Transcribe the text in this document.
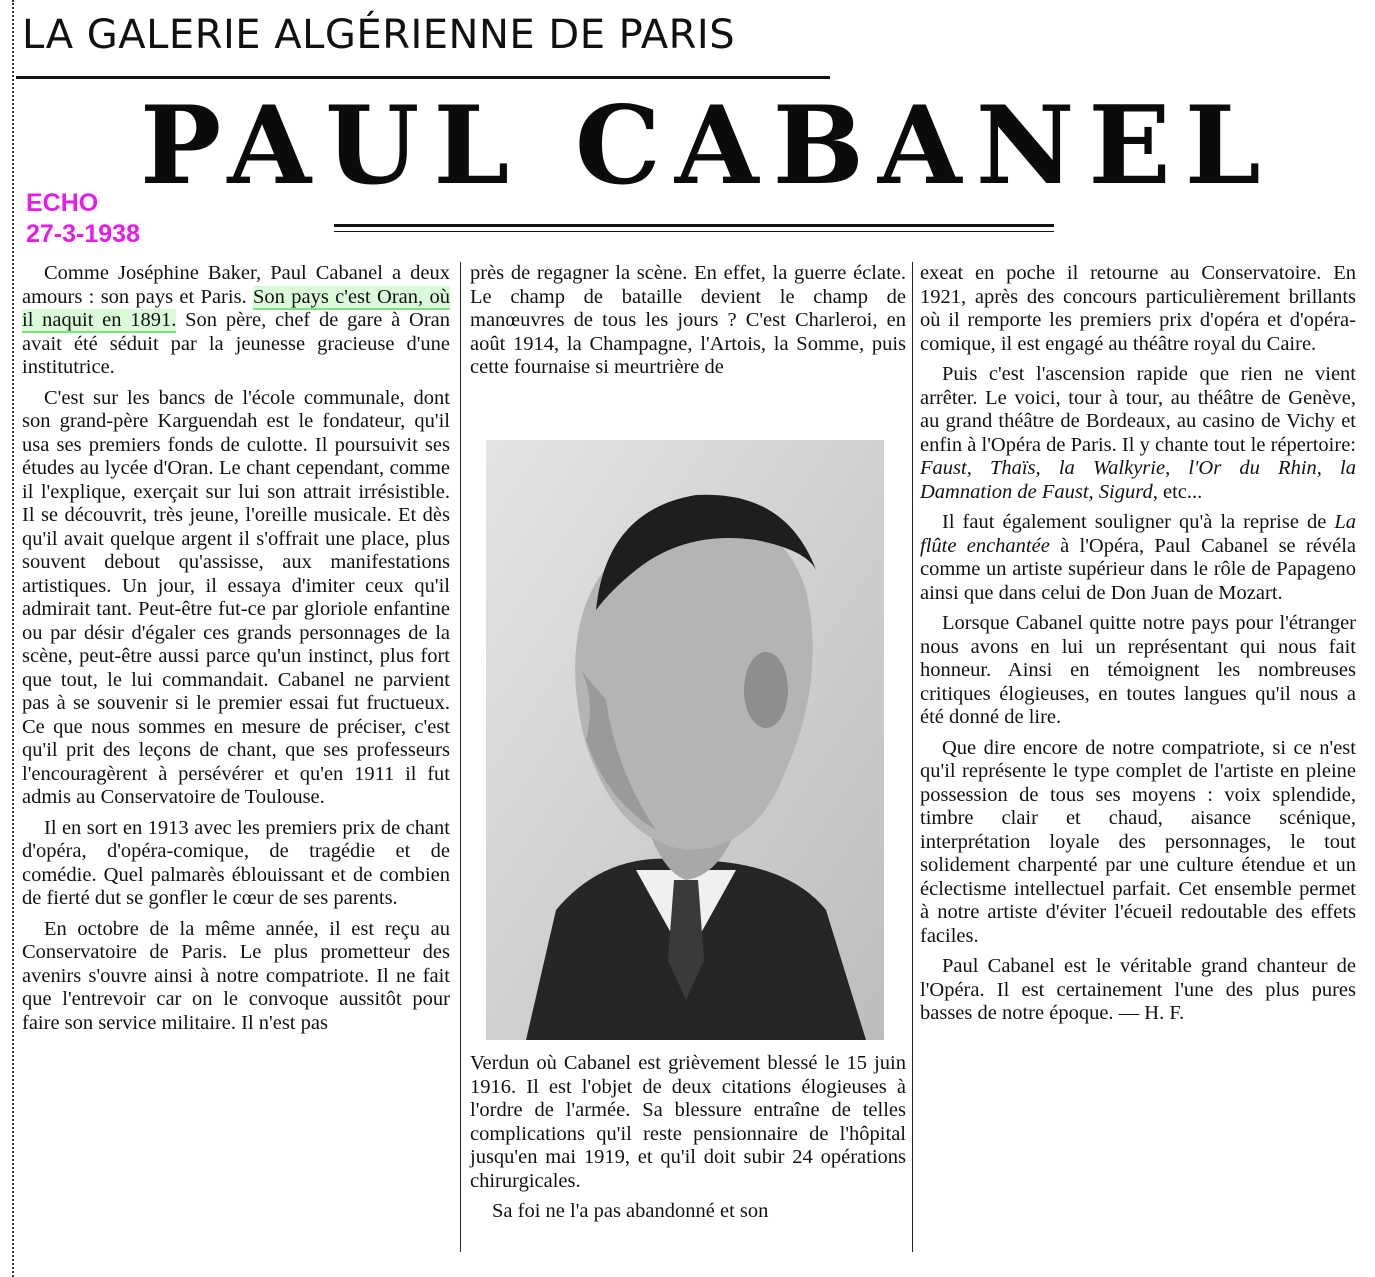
LA GALERIE ALGÉRIENNE DE PARIS
PAUL CABANEL
ECHO
27-3-1938

Comme Joséphine Baker, Paul Cabanel a deux amours : son pays et Paris. Son pays c'est Oran, où il naquit en 1891. Son père, chef de gare à Oran avait été séduit par la jeunesse gracieuse d'une institutrice.

C'est sur les bancs de l'école communale, dont son grand-père Karguendah est le fondateur, qu'il usa ses premiers fonds de culotte. Il poursuivit ses études au lycée d'Oran. Le chant cependant, comme il l'explique, exerçait sur lui son attrait irrésistible. Il se découvrit, très jeune, l'oreille musicale. Et dès qu'il avait quelque argent il s'offrait une place, plus souvent debout qu'assisse, aux manifestations artistiques. Un jour, il essaya d'imiter ceux qu'il admirait tant. Peut-être fut-ce par gloriole enfantine ou par désir d'égaler ces grands personnages de la scène, peut-être aussi parce qu'un instinct, plus fort que tout, le lui commandait. Cabanel ne parvient pas à se souvenir si le premier essai fut fructueux. Ce que nous sommes en mesure de préciser, c'est qu'il prit des leçons de chant, que ses professeurs l'encouragèrent à persévérer et qu'en 1911 il fut admis au Conservatoire de Toulouse.

Il en sort en 1913 avec les premiers prix de chant d'opéra, d'opéra-comique, de tragédie et de comédie. Quel palmarès éblouissant et de combien de fierté dut se gonfler le cœur de ses parents.

En octobre de la même année, il est reçu au Conservatoire de Paris. Le plus prometteur des avenirs s'ouvre ainsi à notre compatriote. Il ne fait que l'entrevoir car on le convoque aussitôt pour faire son service militaire. Il n'est pas

près de regagner la scène. En effet, la guerre éclate. Le champ de bataille devient le champ de manœuvres de tous les jours ? C'est Charleroi, en août 1914, la Champagne, l'Artois, la Somme, puis cette fournaise si meurtrière de

Verdun où Cabanel est grièvement blessé le 15 juin 1916. Il est l'objet de deux citations élogieuses à l'ordre de l'armée. Sa blessure entraîne de telles complications qu'il reste pensionnaire de l'hôpital jusqu'en mai 1919, et qu'il doit subir 24 opérations chirurgicales.

Sa foi ne l'a pas abandonné et son

exeat en poche il retourne au Conservatoire. En 1921, après des concours particulièrement brillants où il remporte les premiers prix d'opéra et d'opéra-comique, il est engagé au théâtre royal du Caire.

Puis c'est l'ascension rapide que rien ne vient arrêter. Le voici, tour à tour, au théâtre de Genève, au grand théâtre de Bordeaux, au casino de Vichy et enfin à l'Opéra de Paris. Il y chante tout le répertoire: Faust, Thaïs, la Walkyrie, l'Or du Rhin, la Damnation de Faust, Sigurd, etc...

Il faut également souligner qu'à la reprise de La flûte enchantée à l'Opéra, Paul Cabanel se révéla comme un artiste supérieur dans le rôle de Papageno ainsi que dans celui de Don Juan de Mozart.

Lorsque Cabanel quitte notre pays pour l'étranger nous avons en lui un représentant qui nous fait honneur. Ainsi en témoignent les nombreuses critiques élogieuses, en toutes langues qu'il nous a été donné de lire.

Que dire encore de notre compatriote, si ce n'est qu'il représente le type complet de l'artiste en pleine possession de tous ses moyens : voix splendide, timbre clair et chaud, aisance scénique, interprétation loyale des personnages, le tout solidement charpenté par une culture étendue et un éclectisme intellectuel parfait. Cet ensemble permet à notre artiste d'éviter l'écueil redoutable des effets faciles.

Paul Cabanel est le véritable grand chanteur de l'Opéra. Il est certainement l'une des plus pures basses de notre époque. — H. F.
